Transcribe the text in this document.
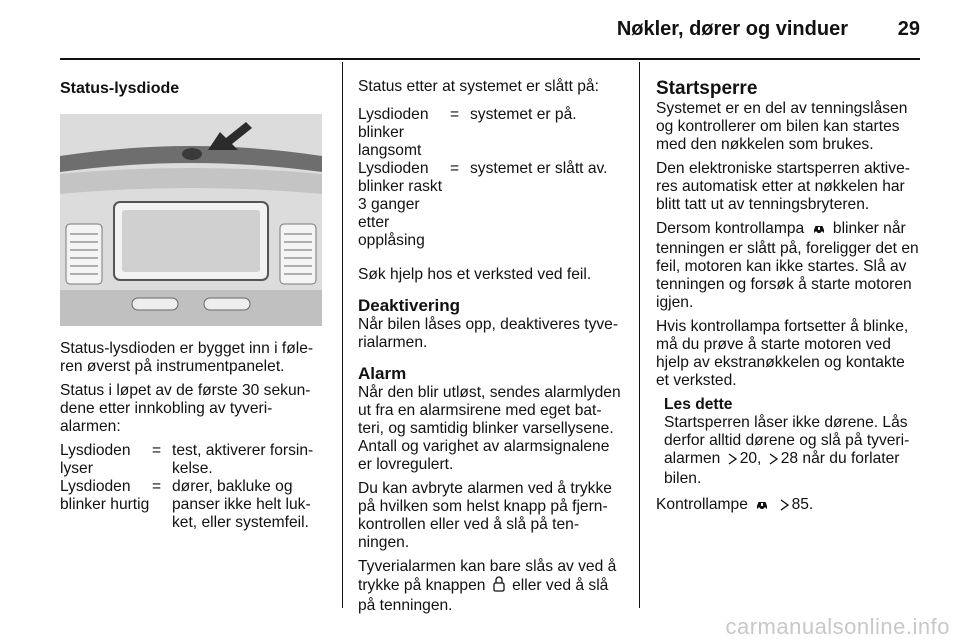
Nøkler, dører og vinduer 29
Status-lysdiode

Status-lysdioden er bygget inn i føle-ren øverst på instrumentpanelet.

Status i løpet av de første 30 sekun-dene etter innkobling av tyveri-alarmen:

Lysdioden lyser	=	test, aktiverer forsin-kelse.
Lysdioden blinker hurtig	=	dører, bakluke og panser ikke helt luk-ket, eller systemfeil.

Status etter at systemet er slått på:

Lysdioden blinker langsomt	=	systemet er på.
Lysdioden blinker raskt 3 ganger etter opplåsing	=	systemet er slått av.

Søk hjelp hos et verksted ved feil.

Deaktivering

Når bilen låses opp, deaktiveres tyve-rialarmen.

Alarm

Når den blir utløst, sendes alarmlyden ut fra en alarmsirene med eget bat-teri, og samtidig blinker varsellysene. Antall og varighet av alarmsignalene er lovregulert.

Du kan avbryte alarmen ved å trykke på hvilken som helst knapp på fjern-kontrollen eller ved å slå på ten-ningen.

Tyverialarmen kan bare slås av ved å trykke på knappen eller ved å slå på tenningen.

Startsperre

Systemet er en del av tenningslåsen og kontrollerer om bilen kan startes med den nøkkelen som brukes.

Den elektroniske startsperren aktive-res automatisk etter at nøkkelen har blitt tatt ut av tenningsbryteren.

Dersom kontrollampa blinker når tenningen er slått på, foreligger det en feil, motoren kan ikke startes. Slå av tenningen og forsøk å starte motoren igjen.

Hvis kontrollampa fortsetter å blinke, må du prøve å starte motoren ved hjelp av ekstranøkkelen og kontakte et verksted.

Les dette
Startsperren låser ikke dørene. Lås derfor alltid dørene og slå på tyveri-alarmen 20, 28 når du forlater bilen.

Kontrollampe	85.

carmanualsonline.info
